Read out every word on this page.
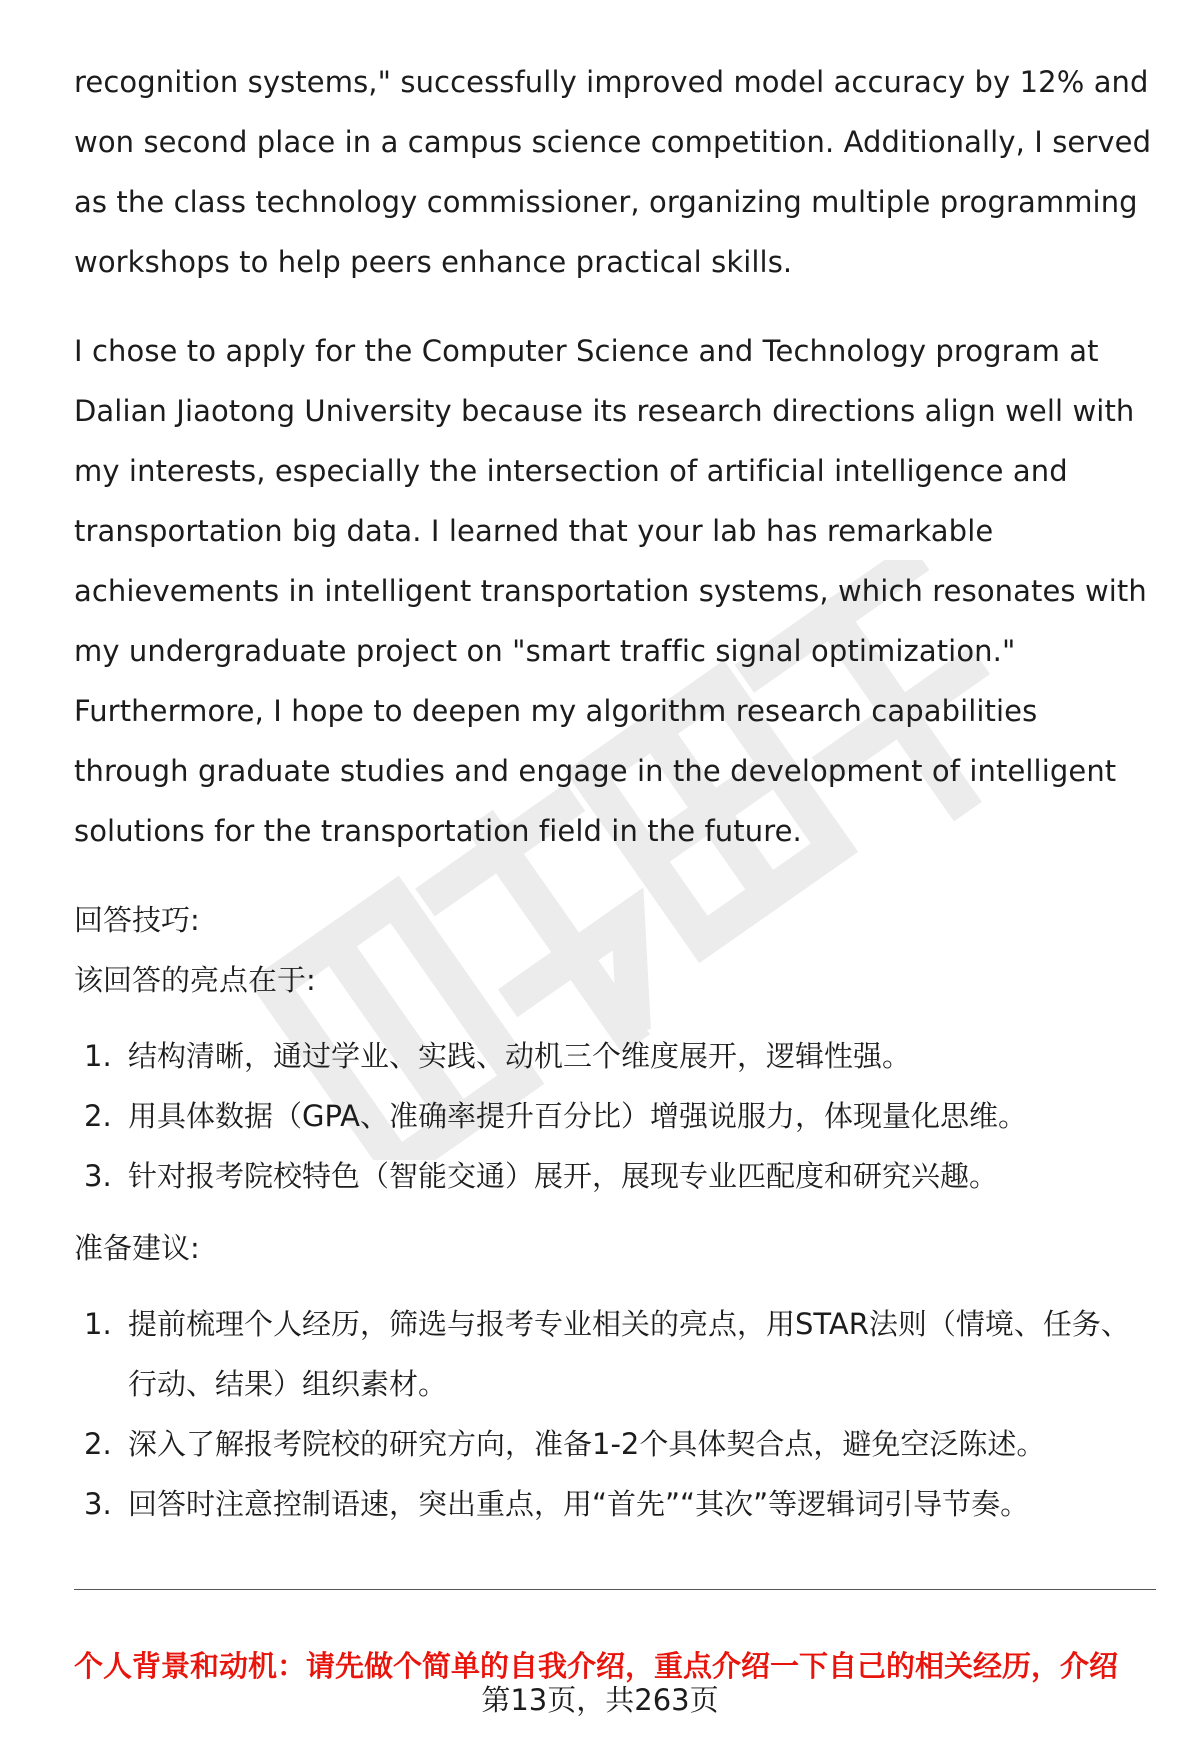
recognition systems," successfully improved model accuracy by 12% and won second place in a campus science competition. Additionally, I served as the class technology commissioner, organizing multiple programming workshops to help peers enhance practical skills.

I chose to apply for the Computer Science and Technology program at Dalian Jiaotong University because its research directions align well with my interests, especially the intersection of artificial intelligence and transportation big data. I learned that your lab has remarkable achievements in intelligent transportation systems, which resonates with my undergraduate project on "smart traffic signal optimization." Furthermore, I hope to deepen my algorithm research capabilities through graduate studies and engage in the development of intelligent solutions for the transportation field in the future.

回答技巧:

该回答的亮点在于:

1. 结构清晰，通过学业、实践、动机三个维度展开，逻辑性强。
2. 用具体数据（GPA、准确率提升百分比）增强说服力，体现量化思维。
3. 针对报考院校特色（智能交通）展开，展现专业匹配度和研究兴趣。

准备建议:

1. 提前梳理个人经历，筛选与报考专业相关的亮点，用STAR法则（情境、任务、行动、结果）组织素材。
2. 深入了解报考院校的研究方向，准备1-2个具体契合点，避免空泛陈述。
3. 回答时注意控制语速，突出重点，用“首先”“其次”等逻辑词引导节奏。
个人背景和动机：请先做个简单的自我介绍，重点介绍一下自己的相关经历，介绍
第13页，共263页
